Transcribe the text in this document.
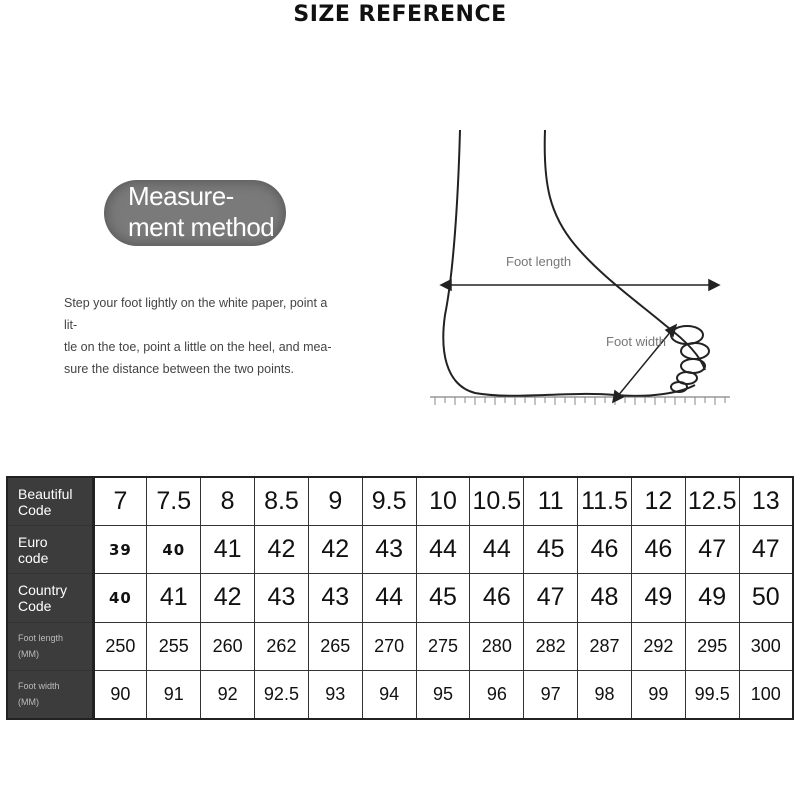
SIZE REFERENCE
Measure-
ment method
Step your foot lightly on the white paper, point a lit-
tle on the toe, point a little on the heel, and mea-
sure the distance between the two points.
Foot length
Foot width
Beautiful
Code	7	7.5	8	8.5	9	9.5	10	10.5	11	11.5	12	12.5	13

Euro
code	39	40	41	42	42	43	44	44	45	46	46	47	47

Country
Code	40	41	42	43	43	44	45	46	47	48	49	49	50

Foot length (MM)	250	255	260	262	265	270	275	280	282	287	292	295	300

Foot width (MM)	90	91	92	92.5	93	94	95	96	97	98	99	99.5	100
